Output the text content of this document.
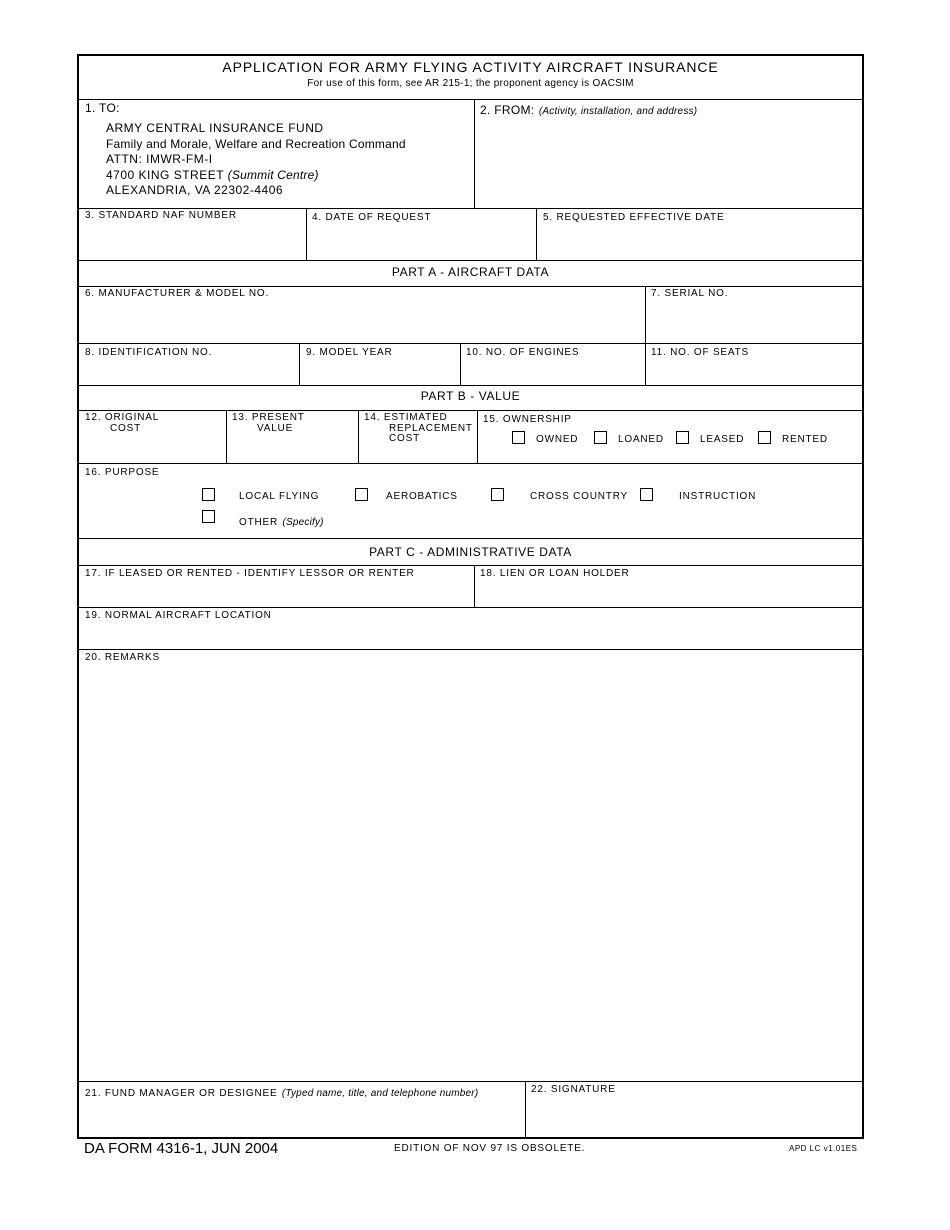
APPLICATION FOR ARMY FLYING ACTIVITY AIRCRAFT INSURANCE
For use of this form, see AR 215-1; the proponent agency is OACSIM
1. TO:
ARMY CENTRAL INSURANCE FUND
Family and Morale, Welfare and Recreation Command
ATTN: IMWR-FM-I
4700 KING STREET (Summit Centre)
ALEXANDRIA, VA 22302-4406
2. FROM: (Activity, installation, and address)
3. STANDARD NAF NUMBER	4. DATE OF REQUEST	5. REQUESTED EFFECTIVE DATE
PART A - AIRCRAFT DATA
6. MANUFACTURER & MODEL NO.	7. SERIAL NO.
8. IDENTIFICATION NO.	9. MODEL YEAR	10. NO. OF ENGINES	11. NO. OF SEATS
PART B - VALUE
12. ORIGINAL
COST
13. PRESENT
VALUE
14. ESTIMATED
REPLACEMENT
COST
15. OWNERSHIP
OWNED	LOANED	LEASED	RENTED
16. PURPOSE
LOCAL FLYING	AEROBATICS	CROSS COUNTRY	INSTRUCTION
OTHER (Specify)
PART C - ADMINISTRATIVE DATA
17. IF LEASED OR RENTED - IDENTIFY LESSOR OR RENTER	18. LIEN OR LOAN HOLDER
19. NORMAL AIRCRAFT LOCATION
20. REMARKS
21. FUND MANAGER OR DESIGNEE (Typed name, title, and telephone number)	22. SIGNATURE
DA FORM 4316-1, JUN 2004	EDITION OF NOV 97 IS OBSOLETE.	APD LC v1.01ES
